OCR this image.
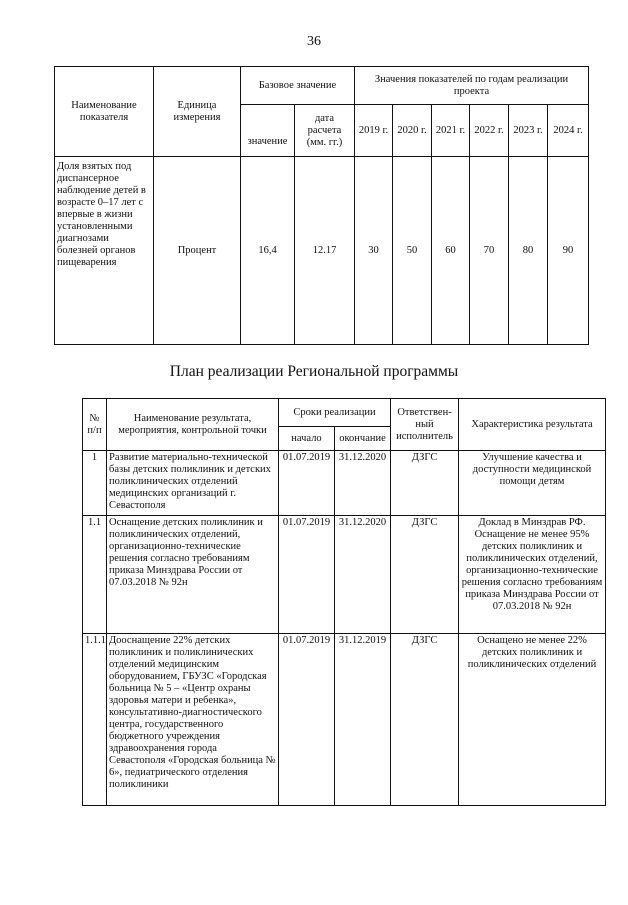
36
Наименование показателя	Единица измерения	Базовое значение		Значения показателей по годам реализации проекта					
		значение	дата расчета (мм. гг.)	2019 г.	2020 г.	2021 г.	2022 г.	2023 г.	2024 г.
Доля взятых под диспансерное наблюдение детей в возрасте 0–17 лет с впервые в жизни установленными диагнозами болезней органов пищеварения	Процент	16,4	12.17	30	50	60	70	80	90
План реализации Региональной программы
№ п/п	Наименование результата, мероприятия, контрольной точки	Сроки реализации		Ответствен-ный исполнитель	Характеристика результата
		начало	окончание		
1	Развитие материально-технической базы детских поликлиник и детских поликлинических отделений медицинских организаций г. Севастополя	01.07.2019	31.12.2020	ДЗГС	Улучшение качества и доступности медицинской помощи детям
1.1	Оснащение детских поликлиник и поликлинических отделений, организационно-технические решения согласно требованиям приказа Минздрава России от 07.03.2018 № 92н	01.07.2019	31.12.2020	ДЗГС	Доклад в Минздрав РФ. Оснащение не менее 95% детских поликлиник и поликлинических отделений, организационно-технические решения согласно требованиям приказа Минздрава России от 07.03.2018 № 92н
1.1.1	Дооснащение 22% детских поликлиник и поликлинических отделений медицинским оборудованием, ГБУЗС «Городская больница № 5 – «Центр охраны здоровья матери и ребенка», консультативно-диагностического центра, государственного бюджетного учреждения здравоохранения города Севастополя «Городская больница № 6», педиатрического отделения поликлиники	01.07.2019	31.12.2019	ДЗГС	Оснащено не менее 22% детских поликлиник и поликлинических отделений
